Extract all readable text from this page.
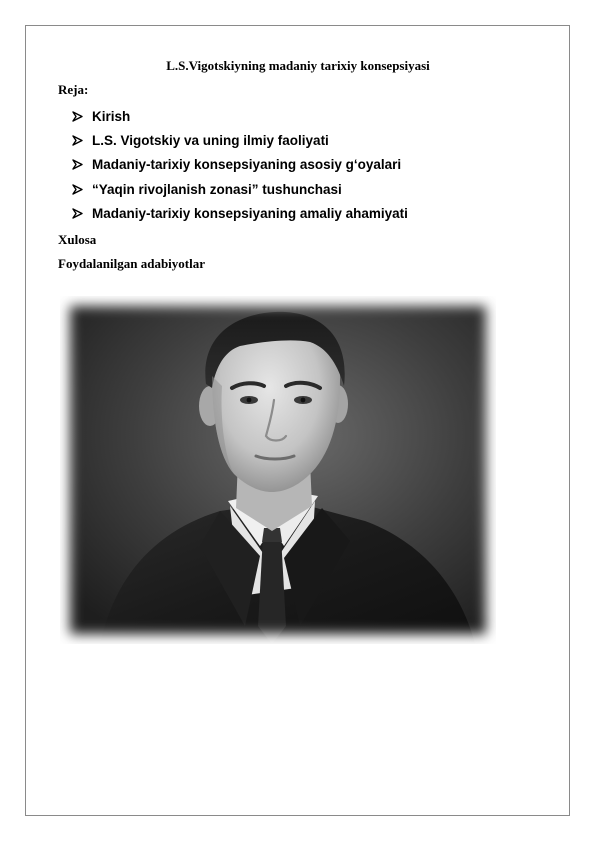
L.S.Vigotskiyning madaniy tarixiy konsepsiyasi
Reja:
Kirish
L.S. Vigotskiy va uning ilmiy faoliyati
Madaniy-tarixiy konsepsiyaning asosiy g‘oyalari
“Yaqin rivojlanish zonasi” tushunchasi
Madaniy-tarixiy konsepsiyaning amaliy ahamiyati
Xulosa
Foydalanilgan adabiyotlar
